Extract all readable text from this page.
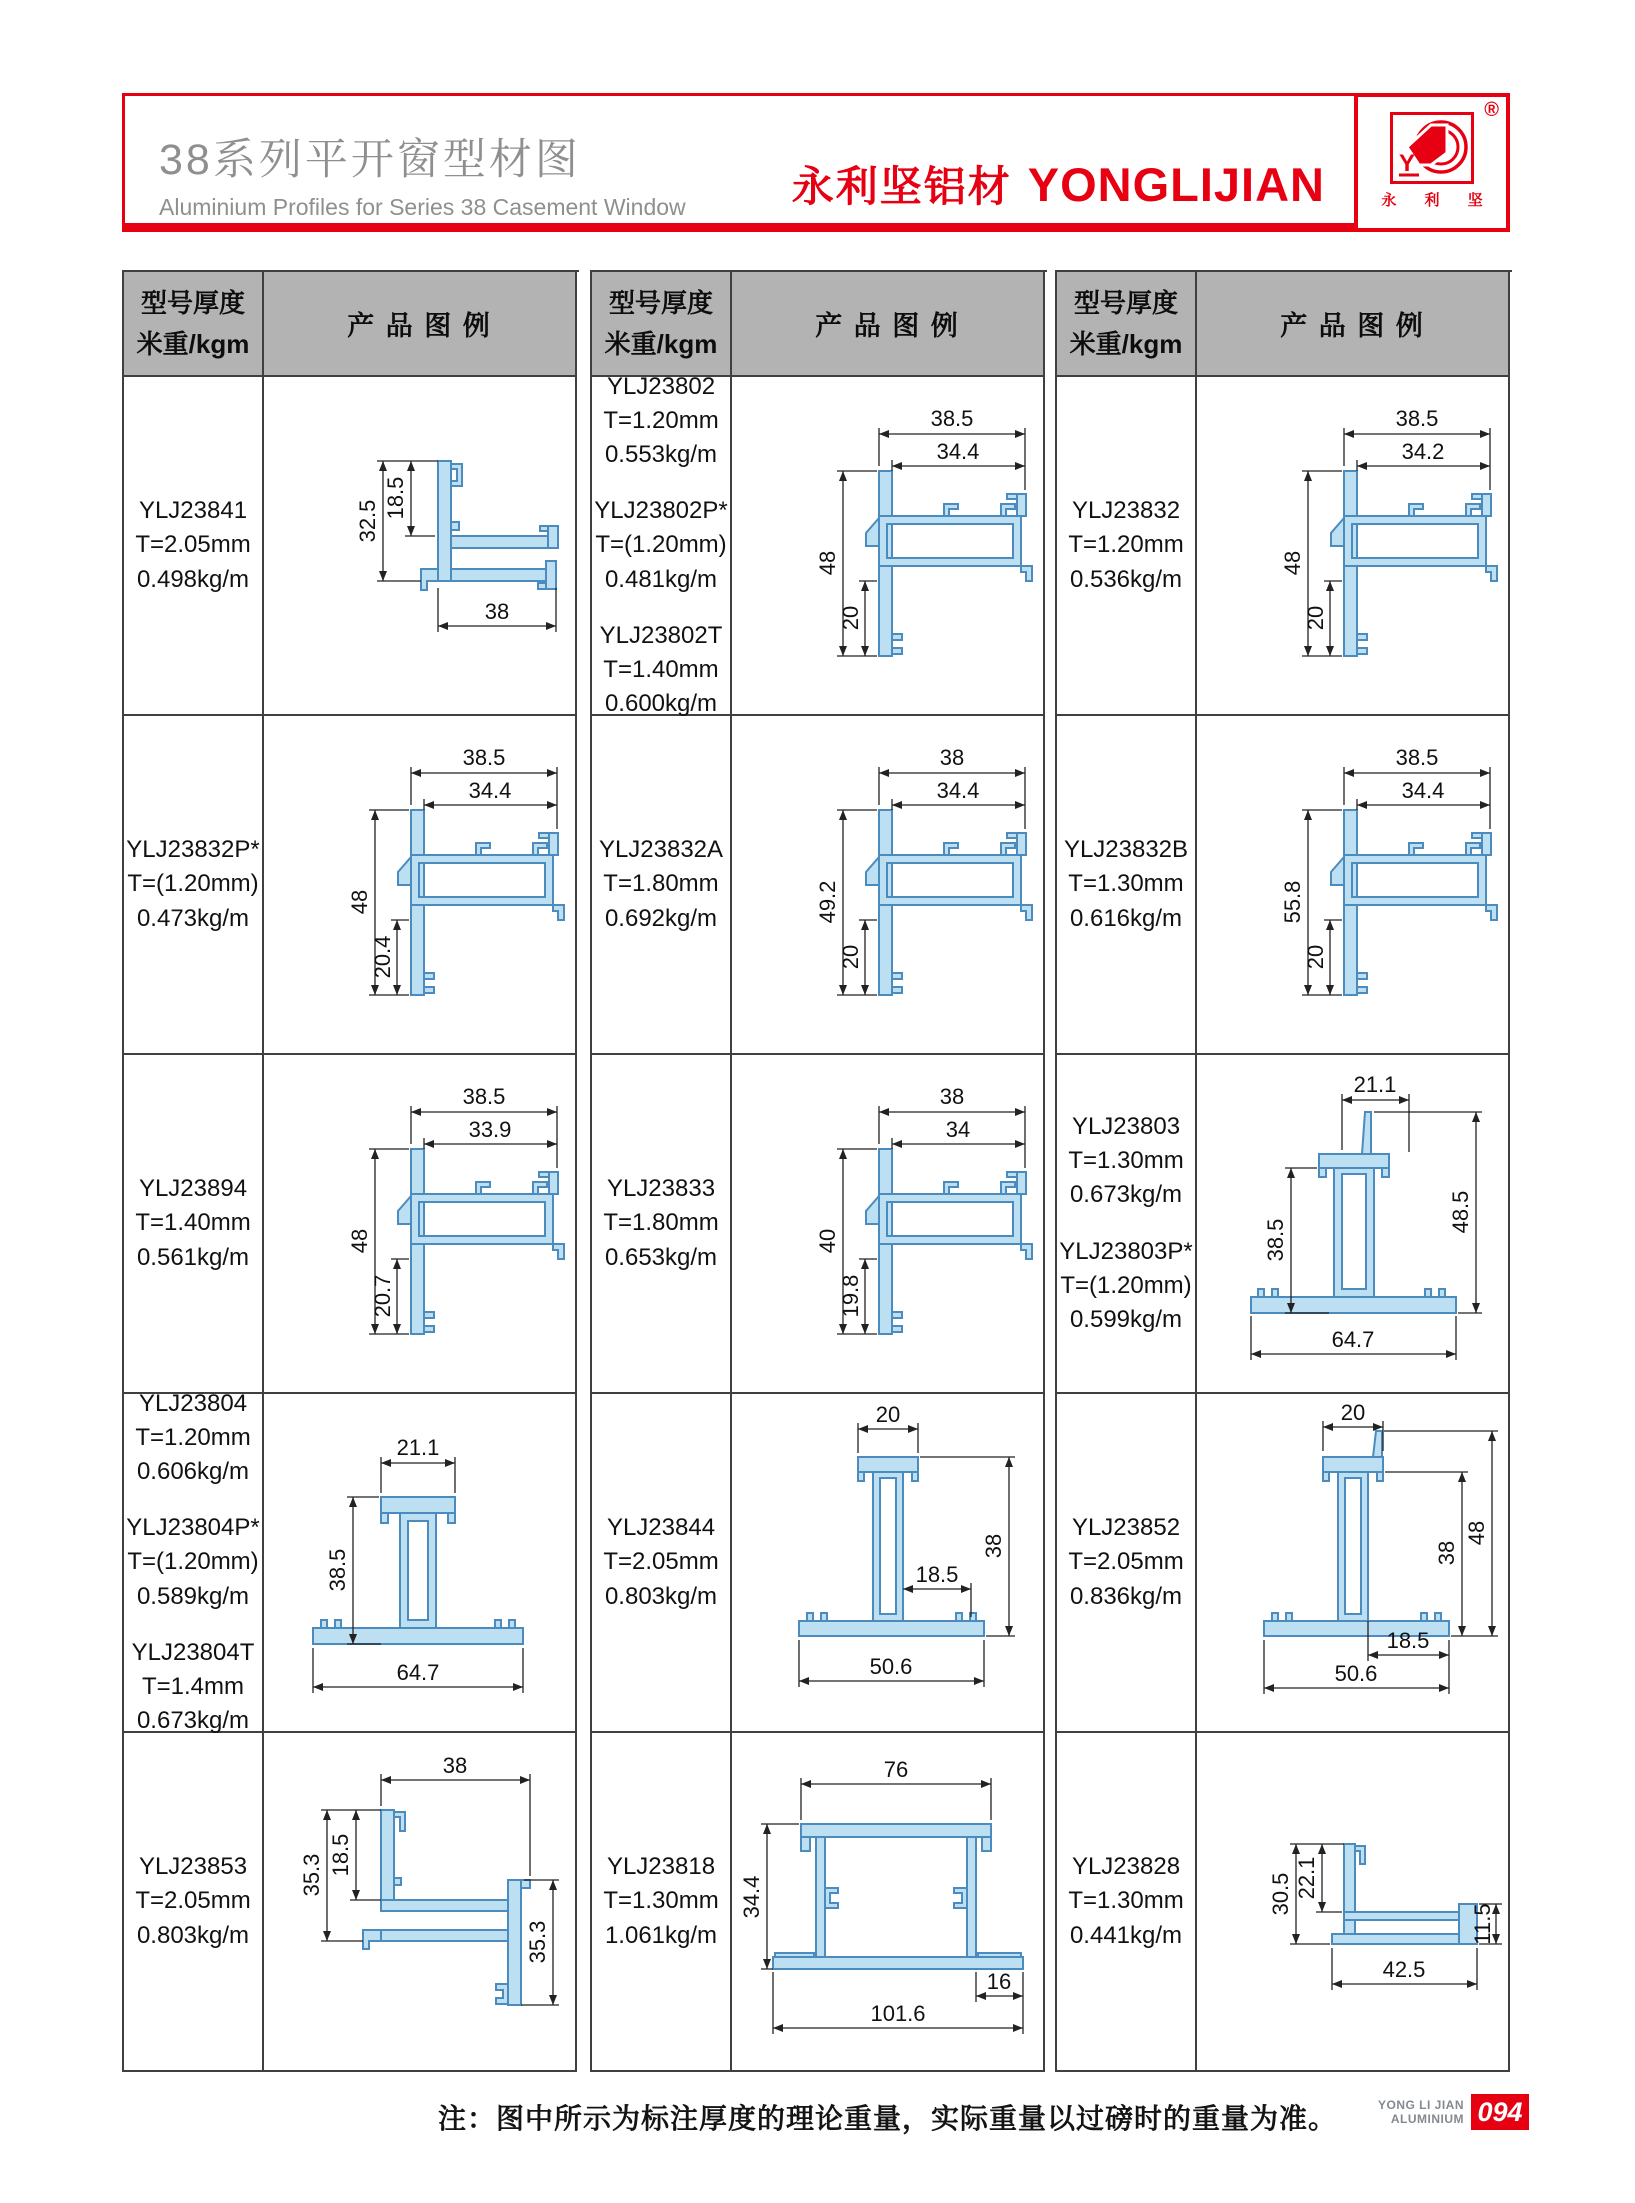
38系列平开窗型材图
Aluminium Profiles for Series 38 Casement Window	永利坚铝材 YONGLIJIAN
®
Y
永 利 坚
型号厚度
米重/kgm
产 品 图 例
YLJ23841
T=2.05mm
0.498kg/m
32.5
18.5
38
YLJ23832P*
T=(1.20mm)
0.473kg/m
38.5
34.4
48
20.4
YLJ23894
T=1.40mm
0.561kg/m
38.5
33.9
48
20.7
YLJ23804
T=1.20mm
0.606kg/m
YLJ23804P*
T=(1.20mm)
0.589kg/m
YLJ23804T
T=1.4mm
0.673kg/m
21.1
38.5
64.7
YLJ23853
T=2.05mm
0.803kg/m
38
18.5
35.3
35.3
型号厚度
米重/kgm
产 品 图 例
YLJ23802
T=1.20mm
0.553kg/m
YLJ23802P*
T=(1.20mm)
0.481kg/m
YLJ23802T
T=1.40mm
0.600kg/m
38.5
34.4
48
20
YLJ23832A
T=1.80mm
0.692kg/m
38
34.4
49.2
20
YLJ23833
T=1.80mm
0.653kg/m
38
34
40
19.8
YLJ23844
T=2.05mm
0.803kg/m
20
18.5
38
50.6
YLJ23818
T=1.30mm
1.061kg/m
76
34.4
16
101.6
型号厚度
米重/kgm
产 品 图 例
YLJ23832
T=1.20mm
0.536kg/m
38.5
34.2
48
20
YLJ23832B
T=1.30mm
0.616kg/m
38.5
34.4
55.8
20
YLJ23803
T=1.30mm
0.673kg/m
YLJ23803P*
T=(1.20mm)
0.599kg/m
21.1
38.5
48.5
64.7
YLJ23852
T=2.05mm
0.836kg/m
20
38
48
18.5
50.6
YLJ23828
T=1.30mm
0.441kg/m
30.5 22.1
11.5
42.5
注：图中所示为标注厚度的理论重量，实际重量以过磅时的重量为准。	YONG LI JIAN
ALUMINIUM 094
